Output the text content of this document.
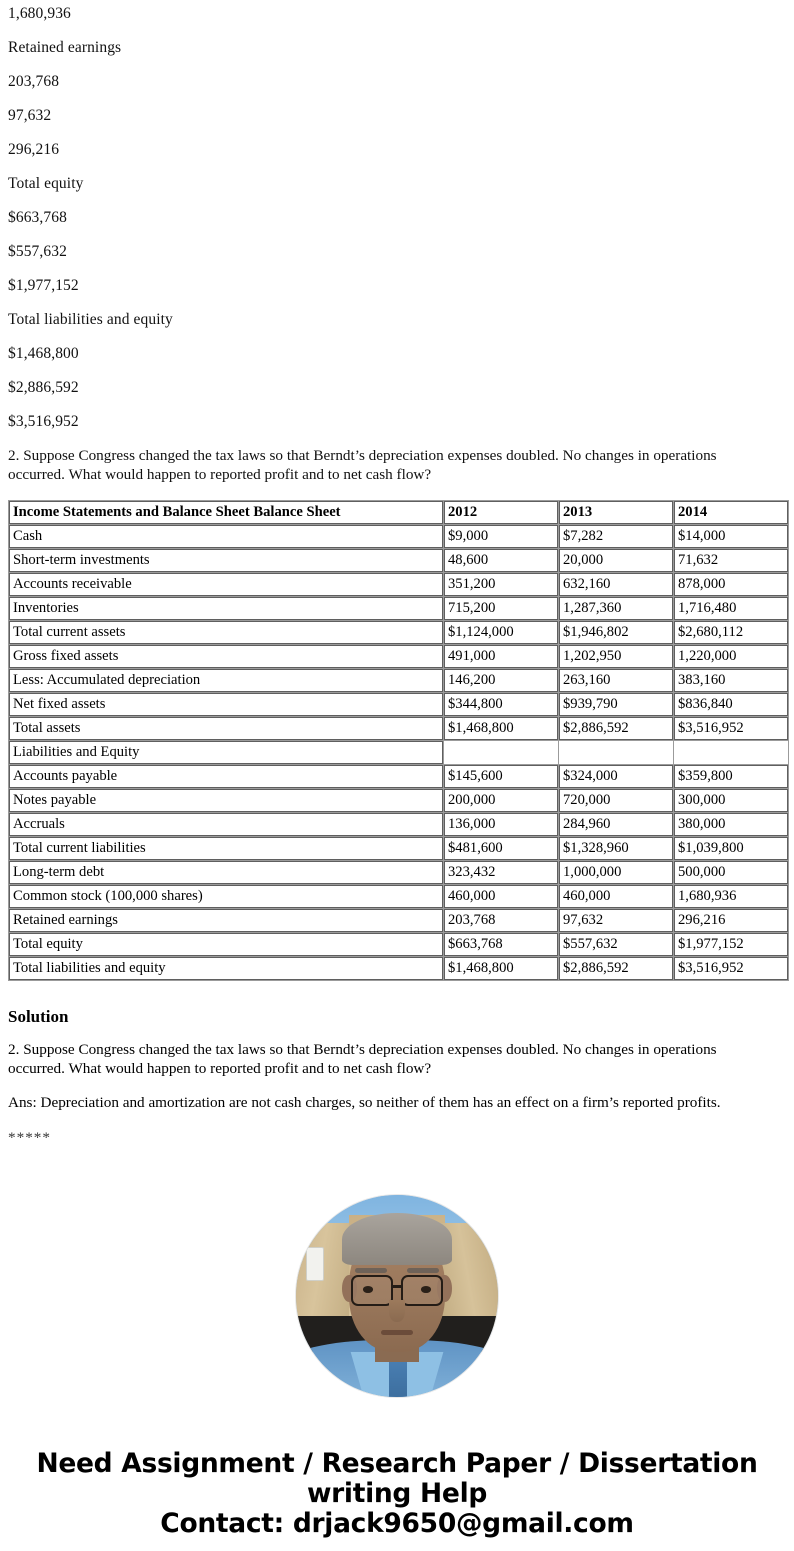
1,680,936

Retained earnings

203,768

97,632

296,216

Total equity

$663,768

$557,632

$1,977,152

Total liabilities and equity

$1,468,800

$2,886,592

$3,516,952

2. Suppose Congress changed the tax laws so that Berndt’s depreciation expenses doubled. No changes in operations occurred. What would happen to reported profit and to net cash flow?

Income Statements and Balance Sheet Balance Sheet	2012	2013	2014
Cash	$9,000	$7,282	$14,000
Short-term investments	48,600	20,000	71,632
Accounts receivable	351,200	632,160	878,000
Inventories	715,200	1,287,360	1,716,480
Total current assets	$1,124,000	$1,946,802	$2,680,112
Gross fixed assets	491,000	1,202,950	1,220,000
Less: Accumulated depreciation	146,200	263,160	383,160
Net fixed assets	$344,800	$939,790	$836,840
Total assets	$1,468,800	$2,886,592	$3,516,952
Liabilities and Equity			
Accounts payable	$145,600	$324,000	$359,800
Notes payable	200,000	720,000	300,000
Accruals	136,000	284,960	380,000
Total current liabilities	$481,600	$1,328,960	$1,039,800
Long-term debt	323,432	1,000,000	500,000
Common stock (100,000 shares)	460,000	460,000	1,680,936
Retained earnings	203,768	97,632	296,216
Total equity	$663,768	$557,632	$1,977,152
Total liabilities and equity	$1,468,800	$2,886,592	$3,516,952
Solution

2. Suppose Congress changed the tax laws so that Berndt’s depreciation expenses doubled. No changes in operations occurred. What would happen to reported profit and to net cash flow?

Ans: Depreciation and amortization are not cash charges, so neither of them has an effect on a firm’s reported profits.

*****

Need Assignment / Research Paper / Dissertation
writing Help
Contact: drjack9650@gmail.com
